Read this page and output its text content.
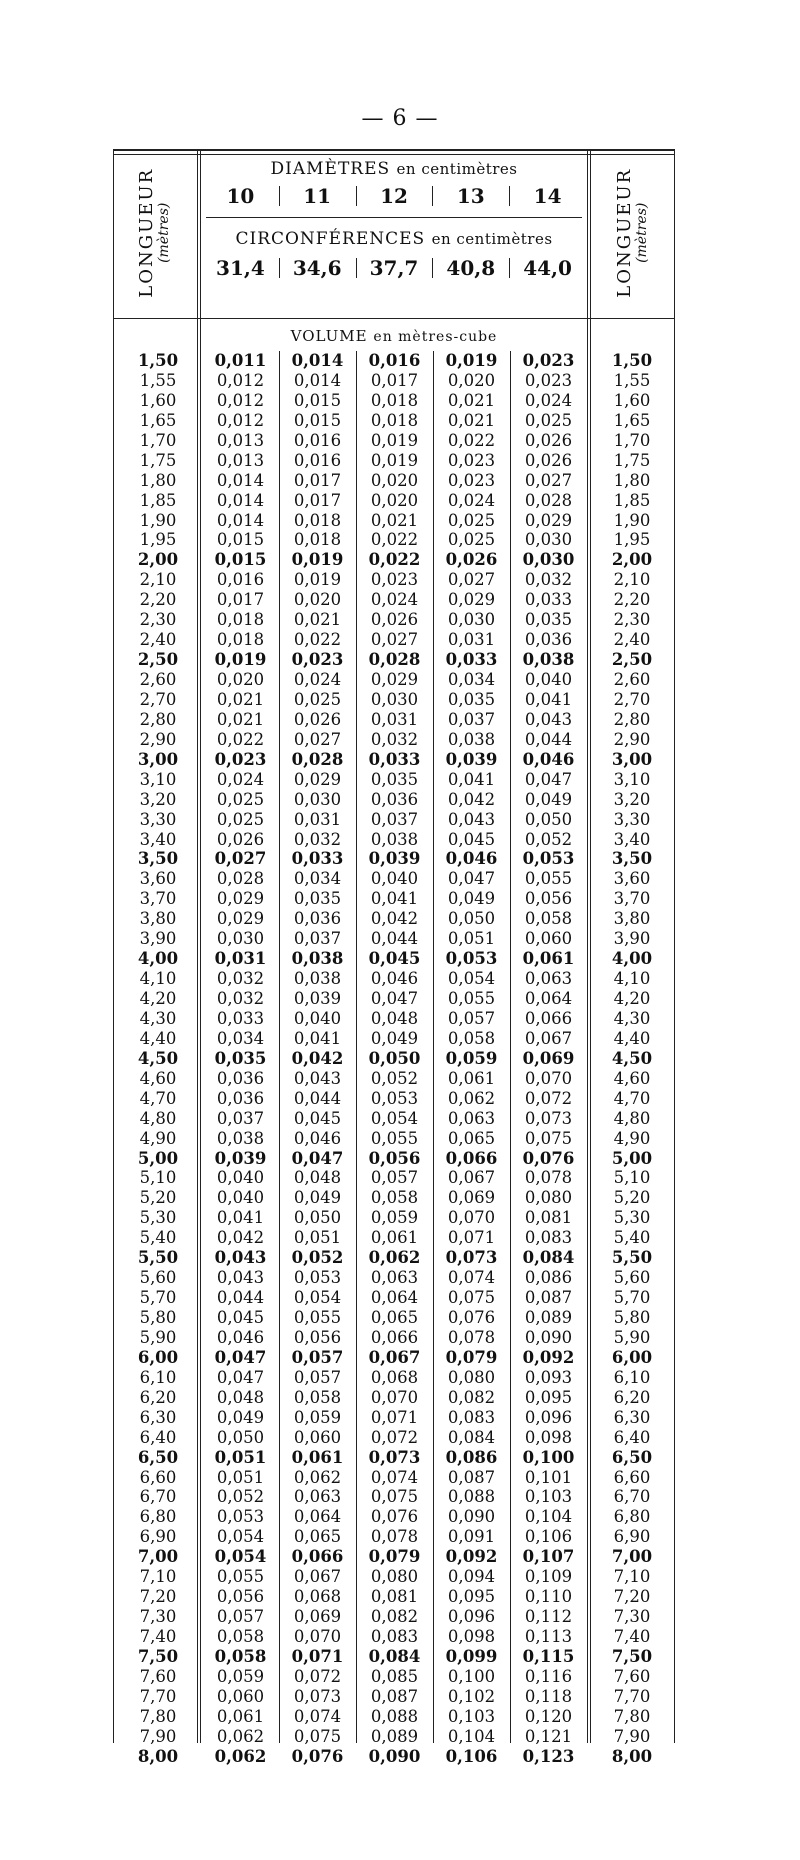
— 6 —
LONGUEUR
(mètres)	LONGUEUR
(mètres)
DIAMÈTRES en centimètres
10	11	12	13	14
CIRCONFÉRENCES en centimètres
31,4	34,6	37,7	40,8	44,0
VOLUME en mètres-cube
1,50	0,011	0,014	0,016	0,019	0,023	1,50
1,55	0,012	0,014	0,017	0,020	0,023	1,55
1,60	0,012	0,015	0,018	0,021	0,024	1,60
1,65	0,012	0,015	0,018	0,021	0,025	1,65
1,70	0,013	0,016	0,019	0,022	0,026	1,70
1,75	0,013	0,016	0,019	0,023	0,026	1,75
1,80	0,014	0,017	0,020	0,023	0,027	1,80
1,85	0,014	0,017	0,020	0,024	0,028	1,85
1,90	0,014	0,018	0,021	0,025	0,029	1,90
1,95	0,015	0,018	0,022	0,025	0,030	1,95
2,00	0,015	0,019	0,022	0,026	0,030	2,00
2,10	0,016	0,019	0,023	0,027	0,032	2,10
2,20	0,017	0,020	0,024	0,029	0,033	2,20
2,30	0,018	0,021	0,026	0,030	0,035	2,30
2,40	0,018	0,022	0,027	0,031	0,036	2,40
2,50	0,019	0,023	0,028	0,033	0,038	2,50
2,60	0,020	0,024	0,029	0,034	0,040	2,60
2,70	0,021	0,025	0,030	0,035	0,041	2,70
2,80	0,021	0,026	0,031	0,037	0,043	2,80
2,90	0,022	0,027	0,032	0,038	0,044	2,90
3,00	0,023	0,028	0,033	0,039	0,046	3,00
3,10	0,024	0,029	0,035	0,041	0,047	3,10
3,20	0,025	0,030	0,036	0,042	0,049	3,20
3,30	0,025	0,031	0,037	0,043	0,050	3,30
3,40	0,026	0,032	0,038	0,045	0,052	3,40
3,50	0,027	0,033	0,039	0,046	0,053	3,50
3,60	0,028	0,034	0,040	0,047	0,055	3,60
3,70	0,029	0,035	0,041	0,049	0,056	3,70
3,80	0,029	0,036	0,042	0,050	0,058	3,80
3,90	0,030	0,037	0,044	0,051	0,060	3,90
4,00	0,031	0,038	0,045	0,053	0,061	4,00
4,10	0,032	0,038	0,046	0,054	0,063	4,10
4,20	0,032	0,039	0,047	0,055	0,064	4,20
4,30	0,033	0,040	0,048	0,057	0,066	4,30
4,40	0,034	0,041	0,049	0,058	0,067	4,40
4,50	0,035	0,042	0,050	0,059	0,069	4,50
4,60	0,036	0,043	0,052	0,061	0,070	4,60
4,70	0,036	0,044	0,053	0,062	0,072	4,70
4,80	0,037	0,045	0,054	0,063	0,073	4,80
4,90	0,038	0,046	0,055	0,065	0,075	4,90
5,00	0,039	0,047	0,056	0,066	0,076	5,00
5,10	0,040	0,048	0,057	0,067	0,078	5,10
5,20	0,040	0,049	0,058	0,069	0,080	5,20
5,30	0,041	0,050	0,059	0,070	0,081	5,30
5,40	0,042	0,051	0,061	0,071	0,083	5,40
5,50	0,043	0,052	0,062	0,073	0,084	5,50
5,60	0,043	0,053	0,063	0,074	0,086	5,60
5,70	0,044	0,054	0,064	0,075	0,087	5,70
5,80	0,045	0,055	0,065	0,076	0,089	5,80
5,90	0,046	0,056	0,066	0,078	0,090	5,90
6,00	0,047	0,057	0,067	0,079	0,092	6,00
6,10	0,047	0,057	0,068	0,080	0,093	6,10
6,20	0,048	0,058	0,070	0,082	0,095	6,20
6,30	0,049	0,059	0,071	0,083	0,096	6,30
6,40	0,050	0,060	0,072	0,084	0,098	6,40
6,50	0,051	0,061	0,073	0,086	0,100	6,50
6,60	0,051	0,062	0,074	0,087	0,101	6,60
6,70	0,052	0,063	0,075	0,088	0,103	6,70
6,80	0,053	0,064	0,076	0,090	0,104	6,80
6,90	0,054	0,065	0,078	0,091	0,106	6,90
7,00	0,054	0,066	0,079	0,092	0,107	7,00
7,10	0,055	0,067	0,080	0,094	0,109	7,10
7,20	0,056	0,068	0,081	0,095	0,110	7,20
7,30	0,057	0,069	0,082	0,096	0,112	7,30
7,40	0,058	0,070	0,083	0,098	0,113	7,40
7,50	0,058	0,071	0,084	0,099	0,115	7,50
7,60	0,059	0,072	0,085	0,100	0,116	7,60
7,70	0,060	0,073	0,087	0,102	0,118	7,70
7,80	0,061	0,074	0,088	0,103	0,120	7,80
7,90	0,062	0,075	0,089	0,104	0,121	7,90
8,00	0,062	0,076	0,090	0,106	0,123	8,00
